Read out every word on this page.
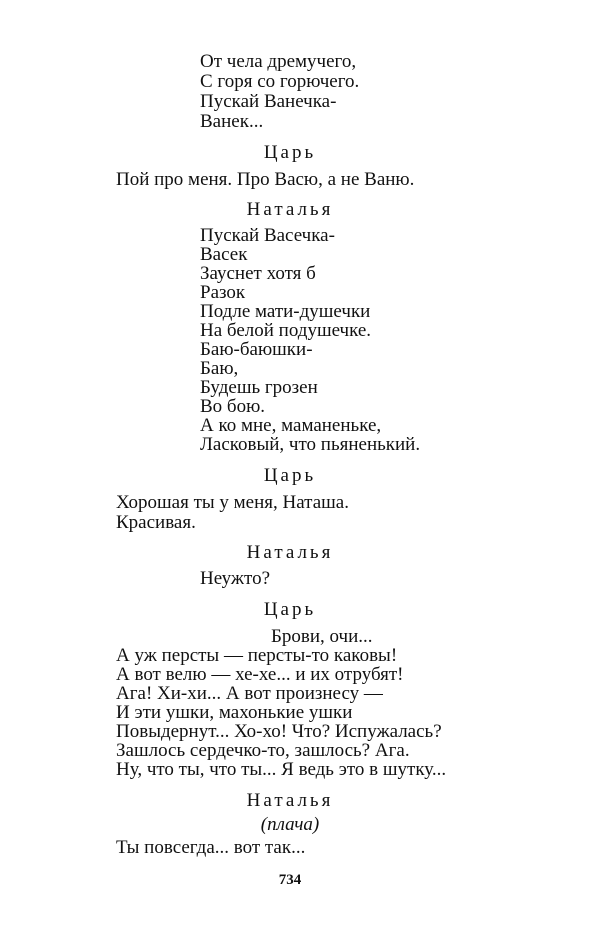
От чела дремучего,
С горя со горючего.
Пускай Ванечка-
Ванек...
Царь
Пой про меня. Про Васю, а не Ваню.
Наталья
Пускай Васечка-
Васек
Зауснет хотя б
Разок
Подле мати-душечки
На белой подушечке.
Баю-баюшки-
Баю,
Будешь грозен
Во бою.
А ко мне, маманеньке,
Ласковый, что пьяненький.
Царь
Хорошая ты у меня, Наташа.
Красивая.
Наталья
Неужто?
Царь
Брови, очи...
А уж персты — персты-то каковы!
А вот велю — хе-хе... и их отрубят!
Ага! Хи-хи... А вот произнесу —
И эти ушки, махонькие ушки
Повыдернут... Хо-хо! Что? Испужалась?
Зашлось сердечко-то, зашлось? Ага.
Ну, что ты, что ты... Я ведь это в шутку...
Наталья
(плача)
Ты повсегда... вот так...
734
